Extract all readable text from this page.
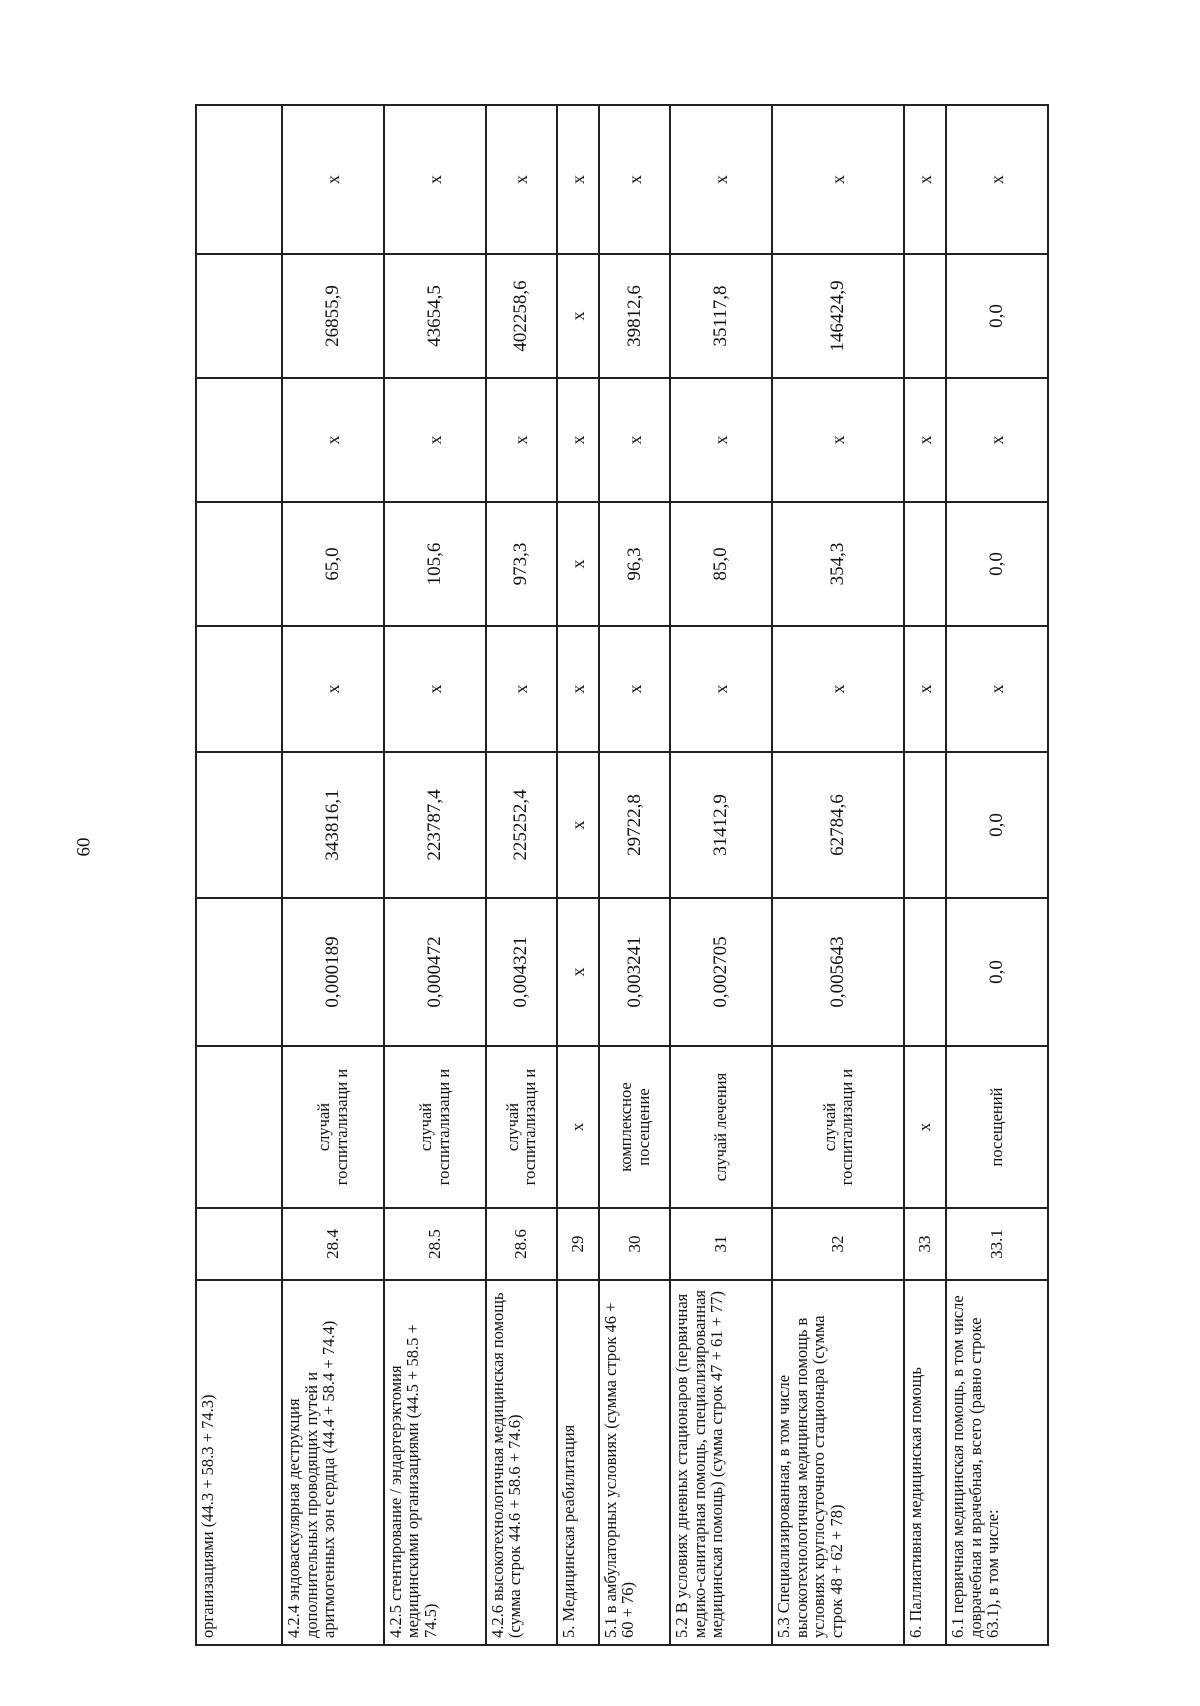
60
организациями (44.3 + 58.3 + 74.3)									
4.2.4 эндоваскулярная деструкция дополнительных проводящих путей и аритмогенных зон сердца (44.4 + 58.4 + 74.4)	28.4	случай госпитализаци и	0,000189	343816,1	х	65,0	х	26855,9	х
4.2.5 стентирование / эндартерэктомия медицинскими организациями (44.5 + 58.5 + 74.5)	28.5	случай госпитализаци и	0,000472	223787,4	х	105,6	х	43654,5	х
4.2.6 высокотехнологичная медицинская помощь (сумма строк 44.6 + 58.6 + 74.6)	28.6	случай госпитализаци и	0,004321	225252,4	х	973,3	х	402258,6	х
5. Медицинская реабилитация	29	х	х	х	х	х	х	х	х
5.1 в амбулаторных условиях (сумма строк 46 + 60 + 76)	30	комплексное посещение	0,003241	29722,8	х	96,3	х	39812,6	х
5.2 В условиях дневных стационаров (первичная медико-санитарная помощь, специализированная медицинская помощь) (сумма строк 47 + 61 + 77)	31	случай лечения	0,002705	31412,9	х	85,0	х	35117,8	х
5.3 Специализированная, в том числе высокотехнологичная медицинская помощь в условиях круглосуточного стационара (сумма строк 48 + 62 + 78)	32	случай госпитализаци и	0,005643	62784,6	х	354,3	х	146424,9	х
6. Паллиативная медицинская помощь	33	х			х		х		х
6.1 первичная медицинская помощь, в том числе доврачебная и врачебная, всего (равно строке 63.1), в том числе:	33.1	посещений	0,0	0,0	х	0,0	х	0,0	х
